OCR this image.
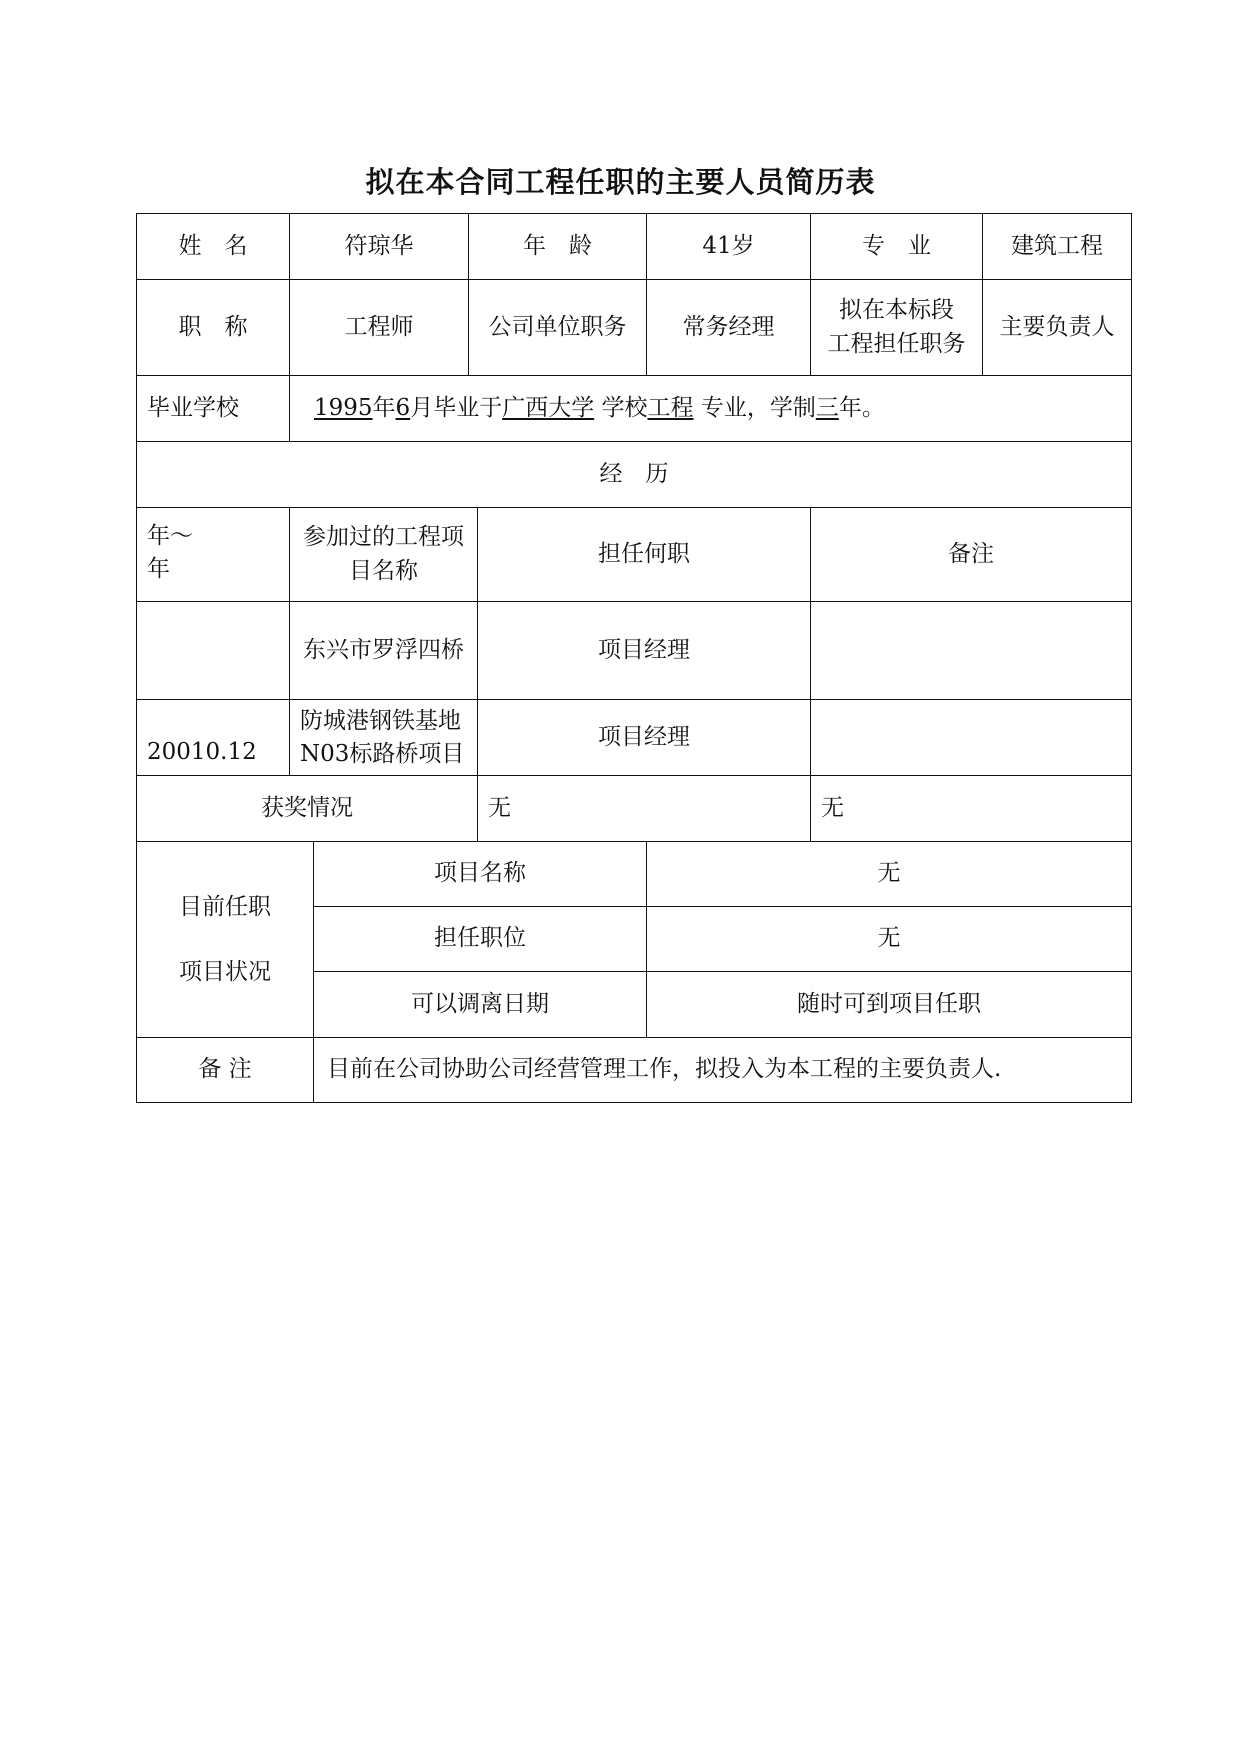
拟在本合同工程任职的主要人员简历表
姓　名	符琼华		年　龄		41岁	专　业	建筑工程
职　称	工程师		公司单位职务		常务经理	拟在本标段
工程担任职务	主要负责人
毕业学校	1995年6月毕业于广西大学 学校工程 专业，学制三年。						
经　历							

年～
年	参加过的工程项目名称			担任何职		备注	
	东兴市罗浮四桥			项目经理			
20010.12	防城港钢铁基地N03标路桥项目			项目经理			
获奖情况				无		无	

目前任职
项目状况		项目名称			无		
		担任职位			无		
		可以调离日期			随时可到项目任职		
备 注		目前在公司协助公司经营管理工作，拟投入为本工程的主要负责人.					
